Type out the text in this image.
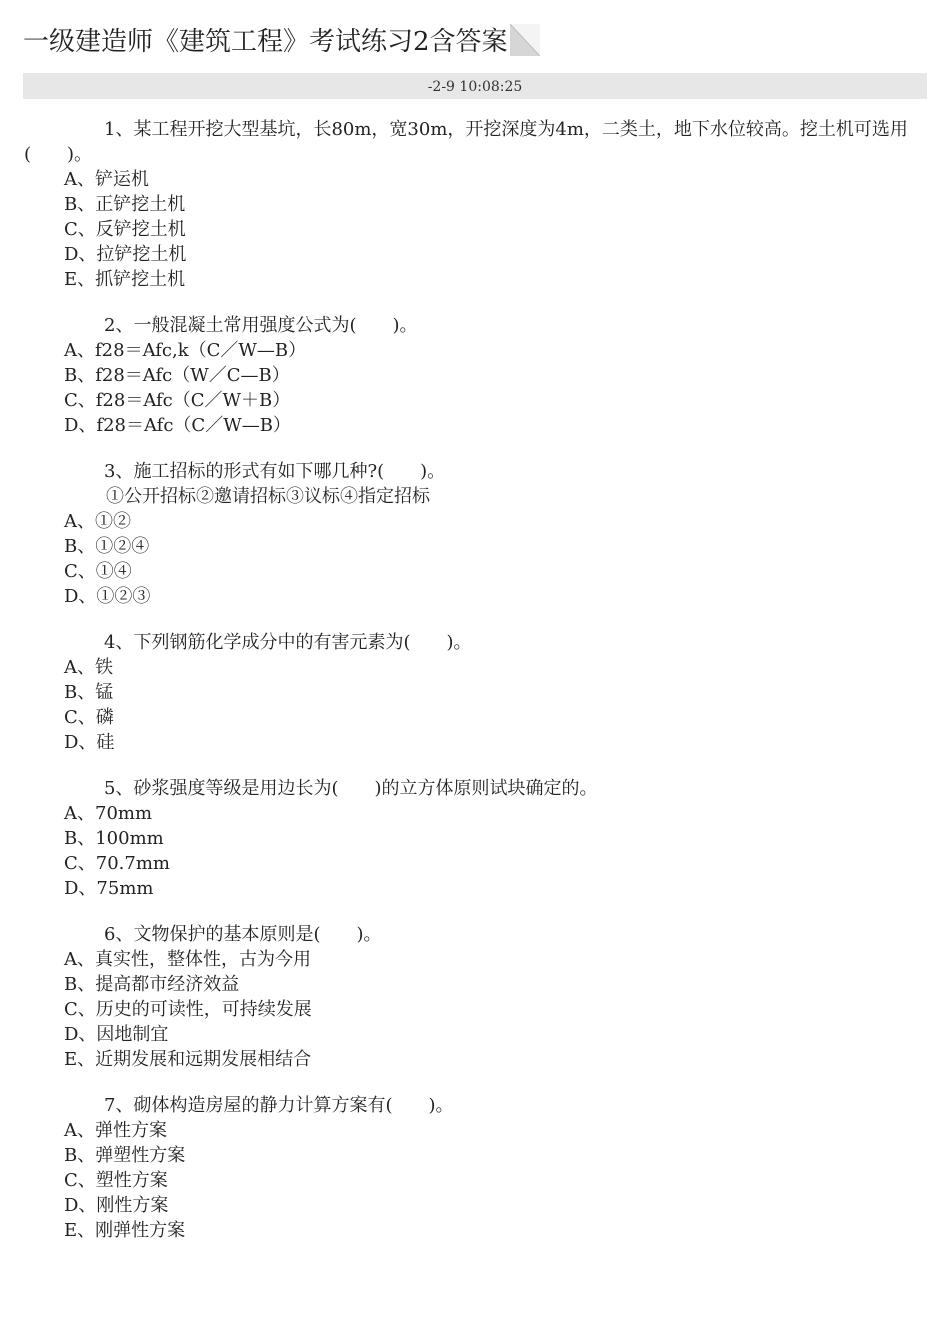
一级建造师《建筑工程》考试练习2含答案
-2-9 10:08:25
1、某工程开挖大型基坑，长80m，宽30m，开挖深度为4m，二类土，地下水位较高。挖土机可选用(　　)。
A、铲运机
B、正铲挖土机
C、反铲挖土机
D、拉铲挖土机
E、抓铲挖土机
2、一般混凝土常用强度公式为(　　)。
A、f28＝Afc,k（C／W—B）
B、f28＝Afc（W／C—B）
C、f28＝Afc（C／W＋B）
D、f28＝Afc（C／W—B）
3、施工招标的形式有如下哪几种?(　　)。
①公开招标②邀请招标③议标④指定招标
A、①②
B、①②④
C、①④
D、①②③
4、下列钢筋化学成分中的有害元素为(　　)。
A、铁
B、锰
C、磷
D、硅
5、砂浆强度等级是用边长为(　　)的立方体原则试块确定的。
A、70mm
B、100mm
C、70.7mm
D、75mm
6、文物保护的基本原则是(　　)。
A、真实性，整体性，古为今用
B、提高都市经济效益
C、历史的可读性，可持续发展
D、因地制宜
E、近期发展和远期发展相结合
7、砌体构造房屋的静力计算方案有(　　)。
A、弹性方案
B、弹塑性方案
C、塑性方案
D、刚性方案
E、刚弹性方案
